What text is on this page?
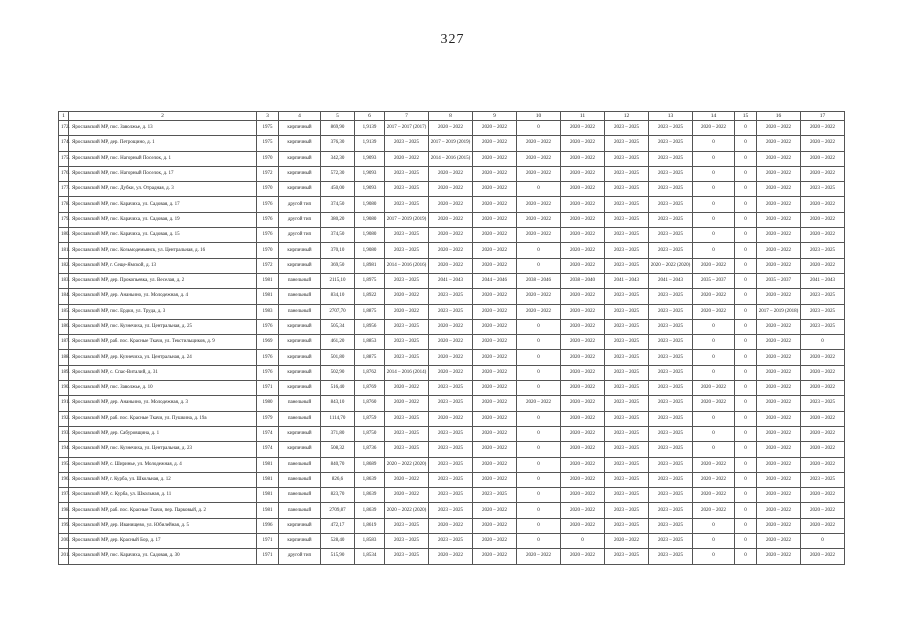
327
1	2	3	4	5	6	7	8	9	10	11	12	13	14	15	16	17
172.	Ярославский МР, пос. Заволжье, д. 13	1975	кирпичный	869,90	1,9139	2017 – 2017 (2017)	2020 – 2022	2020 – 2022	0	2020 – 2022	2023 – 2025	2023 – 2025	2020 – 2022	0	2020 – 2022	2020 – 2022
174.	Ярославский МР, дер. Петрощино, д. 1	1975	кирпичный	376,30	1,9139	2023 – 2025	2017 – 2019 (2019)	2020 – 2022	2020 – 2022	2020 – 2022	2023 – 2025	2023 – 2025	0	0	2020 – 2022	2020 – 2022
175.	Ярославский МР, пос. Нагорный Поселок, д. 1	1970	кирпичный	342,30	1,9093	2020 – 2022	2014 – 2016 (2015)	2020 – 2022	2020 – 2022	2020 – 2022	2023 – 2025	2023 – 2025	0	0	2020 – 2022	2020 – 2022
176.	Ярославский МР, пос. Нагорный Поселок, д. 17	1972	кирпичный	572,30	1,9093	2023 – 2025	2020 – 2022	2020 – 2022	2020 – 2022	2020 – 2022	2023 – 2025	2023 – 2025	0	0	2020 – 2022	2020 – 2022
177.	Ярославский МР, пос. Дубки, ул. Отрадная, д. 3	1970	кирпичный	450,00	1,9093	2023 – 2025	2020 – 2022	2020 – 2022	0	2020 – 2022	2023 – 2025	2023 – 2025	0	0	2020 – 2022	2023 – 2025
178.	Ярославский МР, пос. Карачиха, ул. Садовая, д. 17	1976	другой тип	374,50	1,9080	2023 – 2025	2020 – 2022	2020 – 2022	2020 – 2022	2020 – 2022	2023 – 2025	2023 – 2025	0	0	2020 – 2022	2020 – 2022
179.	Ярославский МР, пос. Карачиха, ул. Садовая, д. 19	1976	другой тип	380,20	1,9080	2017 – 2019 (2019)	2020 – 2022	2020 – 2022	2020 – 2022	2020 – 2022	2023 – 2025	2023 – 2025	0	0	2020 – 2022	2020 – 2022
180.	Ярославский МР, пос. Карачиха, ул. Садовая, д. 15	1976	другой тип	374,50	1,9080	2023 – 2025	2020 – 2022	2020 – 2022	2020 – 2022	2020 – 2022	2023 – 2025	2023 – 2025	0	0	2020 – 2022	2020 – 2022
181.	Ярославский МР, пос. Козьмодемьянск, ул. Центральная, д. 16	1970	кирпичный	370,10	1,9080	2023 – 2025	2020 – 2022	2020 – 2022	0	2020 – 2022	2023 – 2025	2023 – 2025	0	0	2020 – 2022	2023 – 2025
182.	Ярославский МР, г. Сеще-Ямской, д. 13	1972	кирпичный	369,50	1,8981	2014 – 2016 (2016)	2020 – 2022	2020 – 2022	0	2020 – 2022	2023 – 2025	2020 – 2022 (2020)	2020 – 2022	0	2020 – 2022	2020 – 2022
183.	Ярославский МР, дер. Прокопьевка, ул. Веселая, д. 2	1981	панельный	2115,10	1,8975	2023 – 2025	2041 – 2043	2044 – 2046	2038 – 2046	2038 – 2040	2041 – 2043	2041 – 2043	2035 – 2037	0	2035 – 2037	2041 – 2043
184.	Ярославский МР, дер. Ананьино, ул. Молодежная, д. 4	1981	панельный	834,10	1,8922	2020 – 2022	2023 – 2025	2020 – 2022	2020 – 2022	2020 – 2022	2023 – 2025	2023 – 2025	2020 – 2022	0	2020 – 2022	2023 – 2025
185.	Ярославский МР, пос. Ердки, ул. Труда, д. 3	1983	панельный	2707,70	1,8875	2020 – 2022	2023 – 2025	2020 – 2022	2020 – 2022	2020 – 2022	2023 – 2025	2023 – 2025	2020 – 2022	0	2017 – 2019 (2018)	2023 – 2025
186.	Ярославский МР, пос. Кузнечиха, ул. Центральная, д. 25	1976	кирпичный	505,34	1,8956	2023 – 2025	2020 – 2022	2020 – 2022	0	2020 – 2022	2023 – 2025	2023 – 2025	0	0	2020 – 2022	2023 – 2025
187.	Ярославский МР, раб. пос. Красные Ткачи, ул. Текстильщиков, д. 9	1969	кирпичный	461,20	1,8853	2023 – 2025	2020 – 2022	2020 – 2022	0	2020 – 2022	2023 – 2025	2023 – 2025	0	0	2020 – 2022	0
188.	Ярославский МР, дер. Кузнечиха, ул. Центральная, д. 24	1976	кирпичный	501,80	1,8875	2023 – 2025	2020 – 2022	2020 – 2022	0	2020 – 2022	2023 – 2025	2023 – 2025	0	0	2020 – 2022	2020 – 2022
189.	Ярославский МР, с. Спас-Виталий, д. 31	1976	кирпичный	502,90	1,8762	2014 – 2016 (2014)	2020 – 2022	2020 – 2022	0	2020 – 2022	2023 – 2025	2023 – 2025	0	0	2020 – 2022	2020 – 2022
190.	Ярославский МР, пос. Заволжье, д. 10	1971	кирпичный	516,40	1,8769	2020 – 2022	2023 – 2025	2020 – 2022	0	2020 – 2022	2023 – 2025	2023 – 2025	2020 – 2022	0	2020 – 2022	2020 – 2022
191.	Ярославский МР, дер. Ананьино, ул. Молодежная, д. 3	1980	панельный	843,10	1,8760	2020 – 2022	2023 – 2025	2020 – 2022	2020 – 2022	2020 – 2022	2023 – 2025	2023 – 2025	2020 – 2022	0	2020 – 2022	2023 – 2025
192.	Ярославский МР, раб. пос. Красные Ткачи, ул. Пушкина, д. 19а	1979	панельный	1114,70	1,8759	2023 – 2025	2020 – 2022	2020 – 2022	0	2020 – 2022	2023 – 2025	2023 – 2025	0	0	2020 – 2022	2020 – 2022
193.	Ярославский МР, дер. Сабуровщина, д. 1	1974	кирпичный	371,80	1,8750	2023 – 2025	2023 – 2025	2020 – 2022	0	2020 – 2022	2023 – 2025	2023 – 2025	0	0	2020 – 2022	2020 – 2022
194.	Ярославский МР, пос. Кузнечиха, ул. Центральная, д. 23	1974	кирпичный	508,32	1,8736	2023 – 2025	2023 – 2025	2020 – 2022	0	2020 – 2022	2023 – 2025	2023 – 2025	0	0	2020 – 2022	2020 – 2022
195.	Ярославский МР, с. Ширинье, ул. Молодежная, д. 4	1981	панельный	840,70	1,8689	2020 – 2022 (2020)	2023 – 2025	2020 – 2022	0	2020 – 2022	2023 – 2025	2023 – 2025	2020 – 2022	0	2020 – 2022	2020 – 2022
196.	Ярославский МР, г. Курба, ул. Школьная, д. 12	1981	панельный	826,6	1,8639	2020 – 2022	2023 – 2025	2020 – 2022	0	2020 – 2022	2023 – 2025	2023 – 2025	2020 – 2022	0	2020 – 2022	2023 – 2025
197.	Ярославский МР, с. Курба, ул. Школьная, д. 11	1981	панельный	823,70	1,8639	2020 – 2022	2023 – 2025	2023 – 2025	0	2020 – 2022	2023 – 2025	2023 – 2025	2020 – 2022	0	2020 – 2022	2020 – 2022
198.	Ярославский МР, раб. пос. Красные Ткачи, пер. Парковый, д. 2	1981	панельный	2709,87	1,8639	2020 – 2022 (2020)	2023 – 2025	2020 – 2022	0	2020 – 2022	2023 – 2025	2023 – 2025	2020 – 2022	0	2020 – 2022	2020 – 2022
199.	Ярославский МР, дер. Иванищево, ул. Юбилейная, д. 5	1996	кирпичный	472,17	1,8619	2023 – 2025	2020 – 2022	2020 – 2022	0	2020 – 2022	2023 – 2025	2023 – 2025	0	0	2020 – 2022	2020 – 2022
200.	Ярославский МР, дер. Красный Бор, д. 17	1971	кирпичный	528,40	1,8583	2023 – 2025	2023 – 2025	2020 – 2022	0	0	2020 – 2022	2023 – 2025	0	0	2020 – 2022	0
201.	Ярославский МР, пос. Карачиха, ул. Садовая, д. 30	1971	другой тип	515,90	1,8534	2023 – 2025	2020 – 2022	2020 – 2022	2020 – 2022	2020 – 2022	2023 – 2025	2023 – 2025	0	0	2020 – 2022	2020 – 2022
